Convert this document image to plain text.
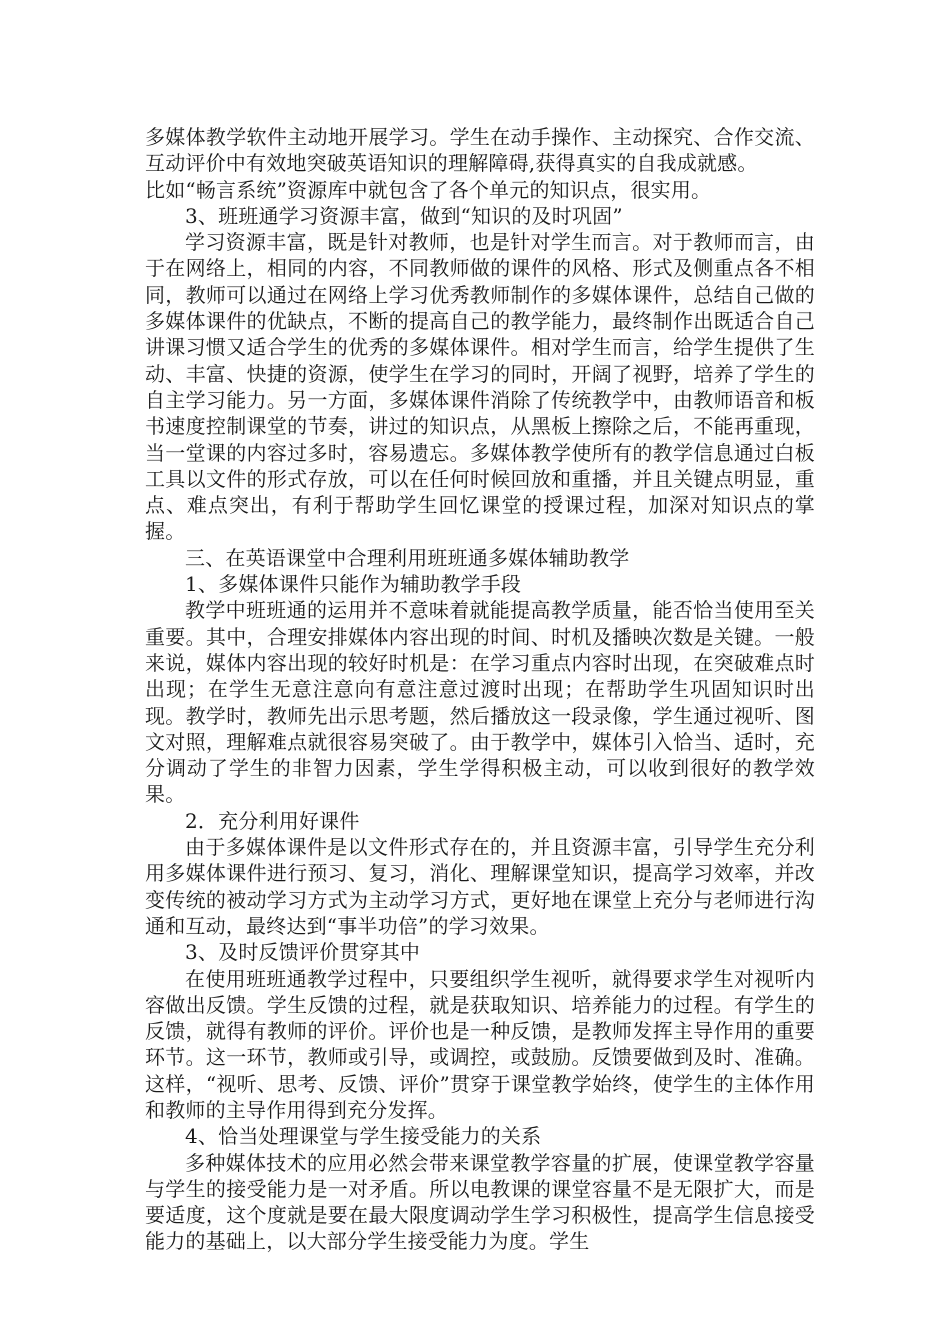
多媒体教学软件主动地开展学习。学生在动手操作、主动探究、合作交流、互动评价中有效地突破英语知识的理解障碍,获得真实的自我成就感。

比如“畅言系统”资源库中就包含了各个单元的知识点，很实用。

3、班班通学习资源丰富，做到“知识的及时巩固”

学习资源丰富，既是针对教师，也是针对学生而言。对于教师而言，由于在网络上，相同的内容，不同教师做的课件的风格、形式及侧重点各不相同，教师可以通过在网络上学习优秀教师制作的多媒体课件，总结自己做的多媒体课件的优缺点，不断的提高自己的教学能力，最终制作出既适合自己讲课习惯又适合学生的优秀的多媒体课件。相对学生而言，给学生提供了生动、丰富、快捷的资源，使学生在学习的同时，开阔了视野，培养了学生的自主学习能力。另一方面，多媒体课件消除了传统教学中，由教师语音和板书速度控制课堂的节奏，讲过的知识点，从黑板上擦除之后，不能再重现，当一堂课的内容过多时，容易遗忘。多媒体教学使所有的教学信息通过白板工具以文件的形式存放，可以在任何时候回放和重播，并且关键点明显，重点、难点突出，有利于帮助学生回忆课堂的授课过程，加深对知识点的掌握。

三、在英语课堂中合理利用班班通多媒体辅助教学

1、多媒体课件只能作为辅助教学手段

教学中班班通的运用并不意味着就能提高教学质量，能否恰当使用至关重要。其中，合理安排媒体内容出现的时间、时机及播映次数是关键。一般来说，媒体内容出现的较好时机是：在学习重点内容时出现，在突破难点时出现；在学生无意注意向有意注意过渡时出现；在帮助学生巩固知识时出现。教学时，教师先出示思考题，然后播放这一段录像，学生通过视听、图文对照，理解难点就很容易突破了。由于教学中，媒体引入恰当、适时，充分调动了学生的非智力因素，学生学得积极主动，可以收到很好的教学效果。

2．充分利用好课件

由于多媒体课件是以文件形式存在的，并且资源丰富，引导学生充分利用多媒体课件进行预习、复习，消化、理解课堂知识，提高学习效率，并改变传统的被动学习方式为主动学习方式，更好地在课堂上充分与老师进行沟通和互动，最终达到“事半功倍”的学习效果。

3、及时反馈评价贯穿其中

在使用班班通教学过程中，只要组织学生视听，就得要求学生对视听内容做出反馈。学生反馈的过程，就是获取知识、培养能力的过程。有学生的反馈，就得有教师的评价。评价也是一种反馈，是教师发挥主导作用的重要环节。这一环节，教师或引导，或调控，或鼓励。反馈要做到及时、准确。这样，“视听、思考、反馈、评价”贯穿于课堂教学始终，使学生的主体作用和教师的主导作用得到充分发挥。

4、恰当处理课堂与学生接受能力的关系

多种媒体技术的应用必然会带来课堂教学容量的扩展，使课堂教学容量与学生的接受能力是一对矛盾。所以电教课的课堂容量不是无限扩大，而是要适度，这个度就是要在最大限度调动学生学习积极性，提高学生信息接受能力的基础上，以大部分学生接受能力为度。学生
